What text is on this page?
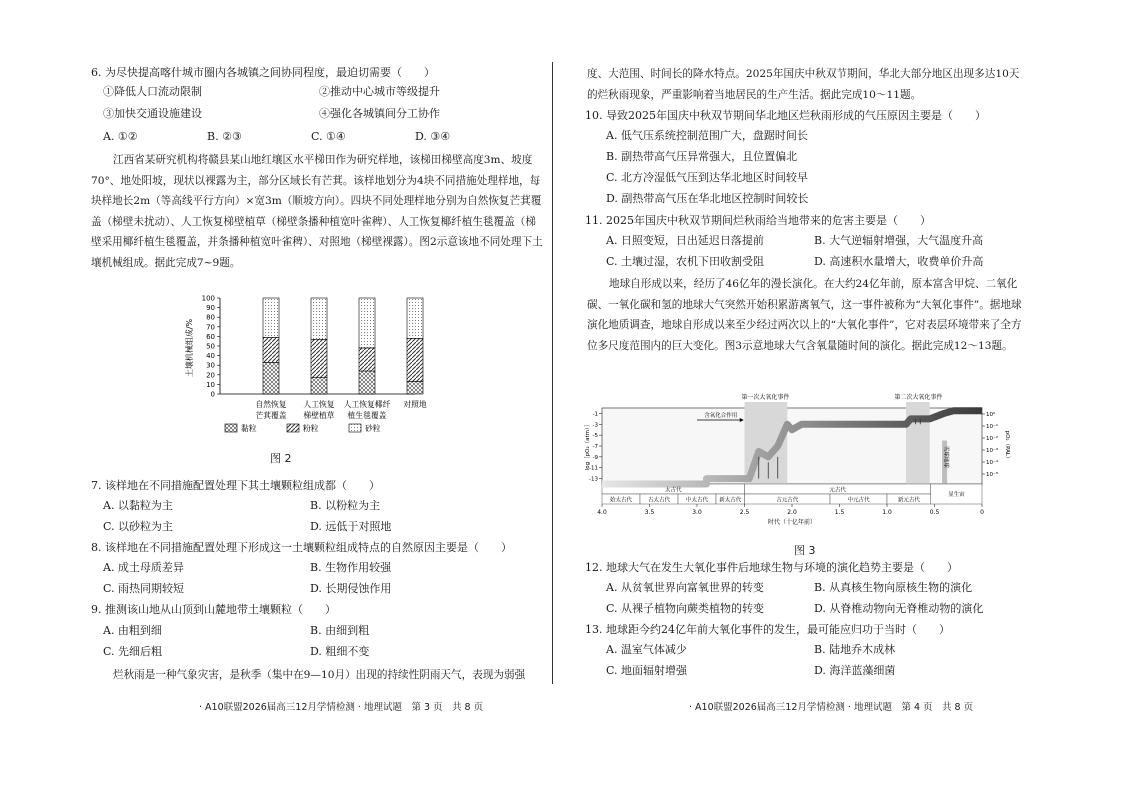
6. 为尽快提高喀什城市圈内各城镇之间协同程度，最迫切需要（　　）
①降低人口流动限制	②推动中心城市等级提升
③加快交通设施建设	④强化各城镇间分工协作
A. ①②	B. ②③	C. ①④	D. ③④
江西省某研究机构将赣县某山地红壤区水平梯田作为研究样地，该梯田梯壁高度3m、坡度70°、地处阳坡，现状以裸露为主，部分区域长有芒萁。该样地划分为4块不同措施处理样地，每块样地长2m（等高线平行方向）×宽3m（顺坡方向）。四块不同处理样地分别为自然恢复芒萁覆盖（梯壁未扰动）、人工恢复梯壁植草（梯壁条播种植宽叶雀稗）、人工恢复椰纤植生毯覆盖（梯壁采用椰纤植生毯覆盖，并条播种植宽叶雀稗）、对照地（梯壁裸露）。图2示意该地不同处理下土壤机械组成。据此完成7~9题。
0
10
20
30
40
50
60
70
80
90
100
土壤机械组成/%
自然恢复
芒萁覆盖
人工恢复
梯壁植草
人工恢复椰纤
植生毯覆盖
对照地
黏粒	粉粒	砂粒
图 2
7. 该样地在不同措施配置处理下其土壤颗粒组成都（　　）
A. 以黏粒为主	B. 以粉粒为主
C. 以砂粒为主	D. 远低于对照地
8. 该样地在不同措施配置处理下形成这一土壤颗粒组成特点的自然原因主要是（　　）
A. 成土母质差异	B. 生物作用较强
C. 雨热同期较短	D. 长期侵蚀作用
9. 推测该山地从山顶到山麓地带土壤颗粒（　　）
A. 由粗到细	B. 由细到粗
C. 先细后粗	D. 粗细不变
烂秋雨是一种气象灾害，是秋季（集中在9—10月）出现的持续性阴雨天气，表现为弱强
· A10联盟2026届高三12月学情检测 · 地理试题　第 3 页　共 8 页
度、大范围、时间长的降水特点。2025年国庆中秋双节期间，华北大部分地区出现多达10天的烂秋雨现象，严重影响着当地居民的生产生活。据此完成10～11题。
10. 导致2025年国庆中秋双节期间华北地区烂秋雨形成的气压原因主要是（　　）
A. 低气压系统控制范围广大，盘踞时间长
B. 副热带高气压异常强大，且位置偏北
C. 北方冷湿低气压到达华北地区时间较早
D. 副热带高气压在华北地区控制时间较长
11. 2025年国庆中秋双节期间烂秋雨给当地带来的危害主要是（　　）
A. 日照变短，日出延迟日落提前	B. 大气逆辐射增强，大气温度升高
C. 土壤过湿，农机下田收割受阻	D. 高速积水量增大，收费单价升高
地球自形成以来，经历了46亿年的漫长演化。在大约24亿年前，原本富含甲烷、二氧化碳、一氧化碳和氢的地球大气突然开始积累游离氧气，这一事件被称为“大氧化事件”。据地球演化地质调查，地球自形成以来至少经过两次以上的“大氧化事件”，它对表层环境带来了全方位多尺度范围内的巨大变化。图3示意地球大气含氧量随时间的演化。据此完成12～13题。
-1
-3
-5
-7
-9
-11
-13
10⁰
10⁻¹
10⁻²
10⁻³
10⁻⁴
10⁻⁵
log［pO₂（atm）］	pO₂（PAL）
第一次大氧化事件	第二次大氧化事件
含氧化合作用
雪球地球
太古代	元古代
显生宙
始太古代	古太古代	中太古代 新太古代	古元古代	中元古代	新元古代
4.0	3.5	3.0	2.5	2.0	1.5	1.0	0.5	0
时代（十亿年前）
图 3
12. 地球大气在发生大氧化事件后地球生物与环境的演化趋势主要是（　　）
A. 从贫氧世界向富氧世界的转变	B. 从真核生物向原核生物的演化
C. 从裸子植物向蕨类植物的转变	D. 从脊椎动物向无脊椎动物的演化
13. 地球距今约24亿年前大氧化事件的发生，最可能应归功于当时（　　）
A. 温室气体减少	B. 陆地乔木成林
C. 地面辐射增强	D. 海洋蓝藻细菌
· A10联盟2026届高三12月学情检测 · 地理试题　第 4 页　共 8 页
